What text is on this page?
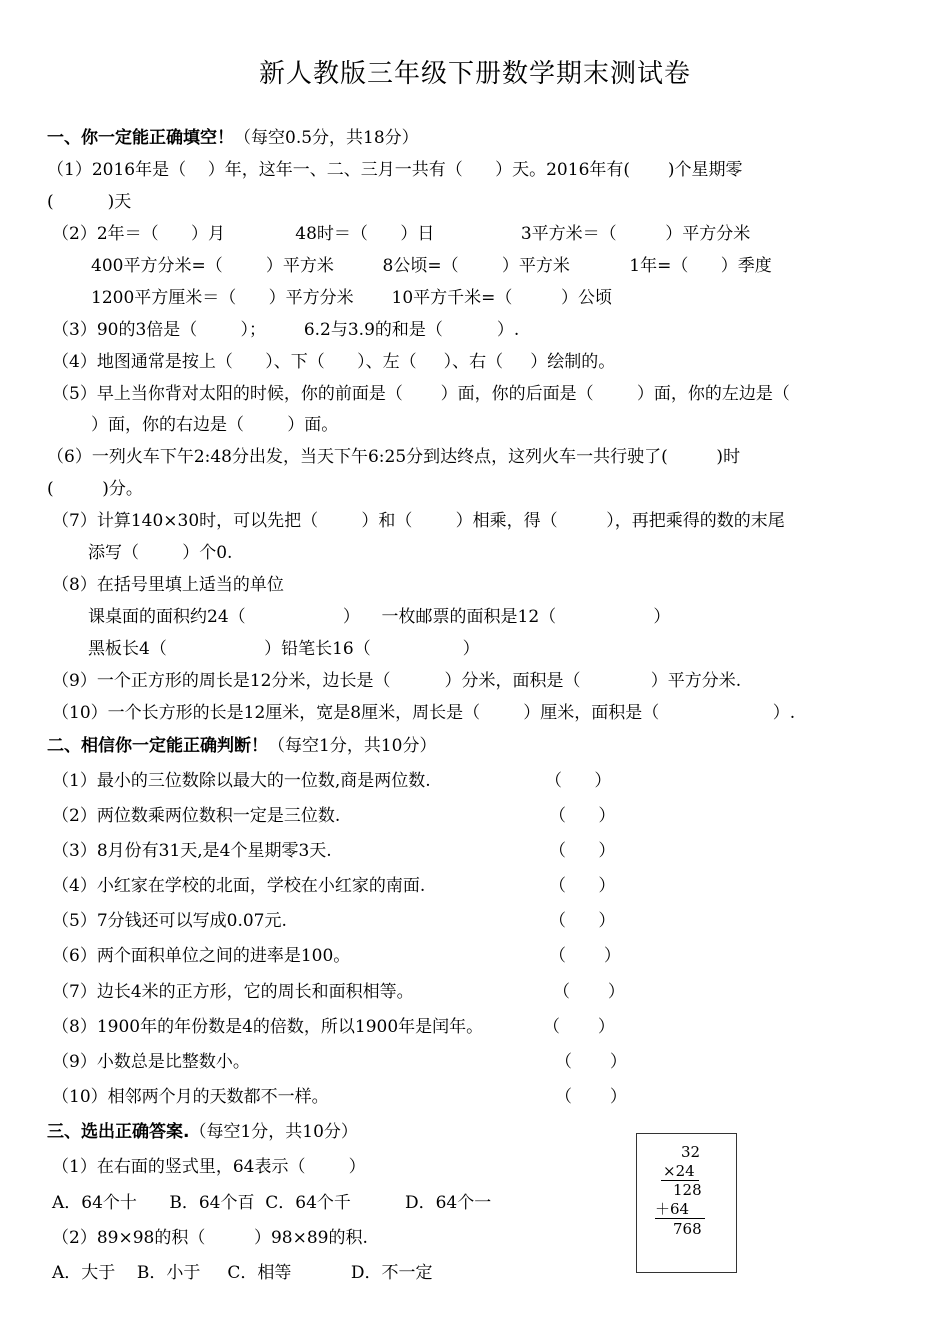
新人教版三年级下册数学期末测试卷
一、你一定能正确填空！（每空0.5分，共18分）
（1）2016年是（    ）年，这年一、二、三月一共有（      ）天。2016年有(       )个星期零
(          )天
（2）2年＝（      ）月             48时＝（      ）日                3平方米＝（         ）平方分米
400平方分米=（        ）平方米         8公顷=（        ）平方米           1年=（      ）季度
1200平方厘米＝（      ）平方分米       10平方千米=（         ）公顷
（3）90的3倍是（        ）；       6.2与3.9的和是（          ）.
（4）地图通常是按上（      ）、下（      ）、左（     ）、右（     ）绘制的。
（5）早上当你背对太阳的时候，你的前面是（       ）面，你的后面是（        ）面，你的左边是（
）面，你的右边是（        ）面。
（6）一列火车下午2:48分出发，当天下午6:25分到达终点，这列火车一共行驶了(         )时
(         )分。
（7）计算140×30时，可以先把（        ）和（        ）相乘，得（         ），再把乘得的数的末尾
添写（        ）个0.
（8）在括号里填上适当的单位
课桌面的面积约24（                  ）    一枚邮票的面积是12（                  ）
黑板长4（                  ）铅笔长16（                 ）
（9）一个正方形的周长是12分米，边长是（          ）分米，面积是（             ）平方分米.
（10）一个长方形的长是12厘米，宽是8厘米，周长是（        ）厘米，面积是（                     ）.
二、相信你一定能正确判断！（每空1分，共10分）
（1）最小的三位数除以最大的一位数,商是两位数.	（      ）
（2）两位数乘两位数积一定是三位数.	（      ）
（3）8月份有31天,是4个星期零3天.	（      ）
（4）小红家在学校的北面，学校在小红家的南面.	（      ）
（5）7分钱还可以写成0.07元.	（      ）
（6）两个面积单位之间的进率是100。	（       ）
（7）边长4米的正方形，它的周长和面积相等。	（       ）
（8）1900年的年份数是4的倍数，所以1900年是闰年。	（       ）
（9）小数总是比整数小。	（       ）
（10）相邻两个月的天数都不一样。	（       ）
三、选出正确答案.（每空1分，共10分）
（1）在右面的竖式里，64表示（        ）
A．64个十      B．64个百  C．64个千          D．64个一
（2）89×98的积（         ）98×89的积.
A．大于    B．小于     C．相等           D．不一定
32
×24
128
＋64
768
